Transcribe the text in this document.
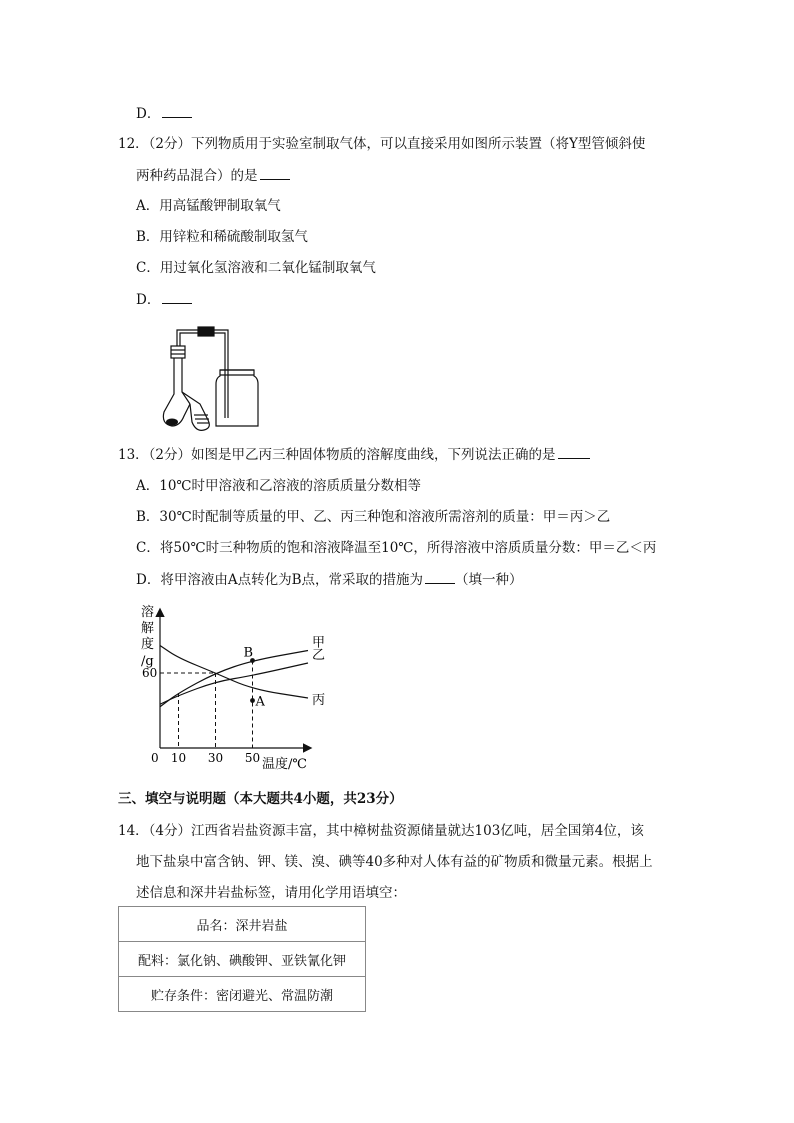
D．
12．（2分）下列物质用于实验室制取气体，可以直接采用如图所示装置（将Y型管倾斜使
两种药品混合）的是
A．用高锰酸钾制取氧气
B．用锌粒和稀硫酸制取氢气
C．用过氧化氢溶液和二氧化锰制取氧气
D．
13．（2分）如图是甲乙丙三种固体物质的溶解度曲线，下列说法正确的是
A．10℃时甲溶液和乙溶液的溶质质量分数相等
B．30℃时配制等质量的甲、乙、丙三种饱和溶液所需溶剂的质量：甲＝丙＞乙
C．将50℃时三种物质的饱和溶液降温至10℃，所得溶液中溶质质量分数：甲＝乙＜丙
D．将甲溶液由A点转化为B点，常采取的措施为 （填一种）
溶
解
度
/g
0 10 30 50
60
温度/℃
甲
乙
丙
B
A
三、填空与说明题（本大题共4小题，共23分）
14．（4分）江西省岩盐资源丰富，其中樟树盐资源储量就达103亿吨，居全国第4位，该
地下盐泉中富含钠、钾、镁、溴、碘等40多种对人体有益的矿物质和微量元素。根据上
述信息和深井岩盐标签，请用化学用语填空：
品名：深井岩盐
配料：氯化钠、碘酸钾、亚铁氰化钾
贮存条件：密闭避光、常温防潮
